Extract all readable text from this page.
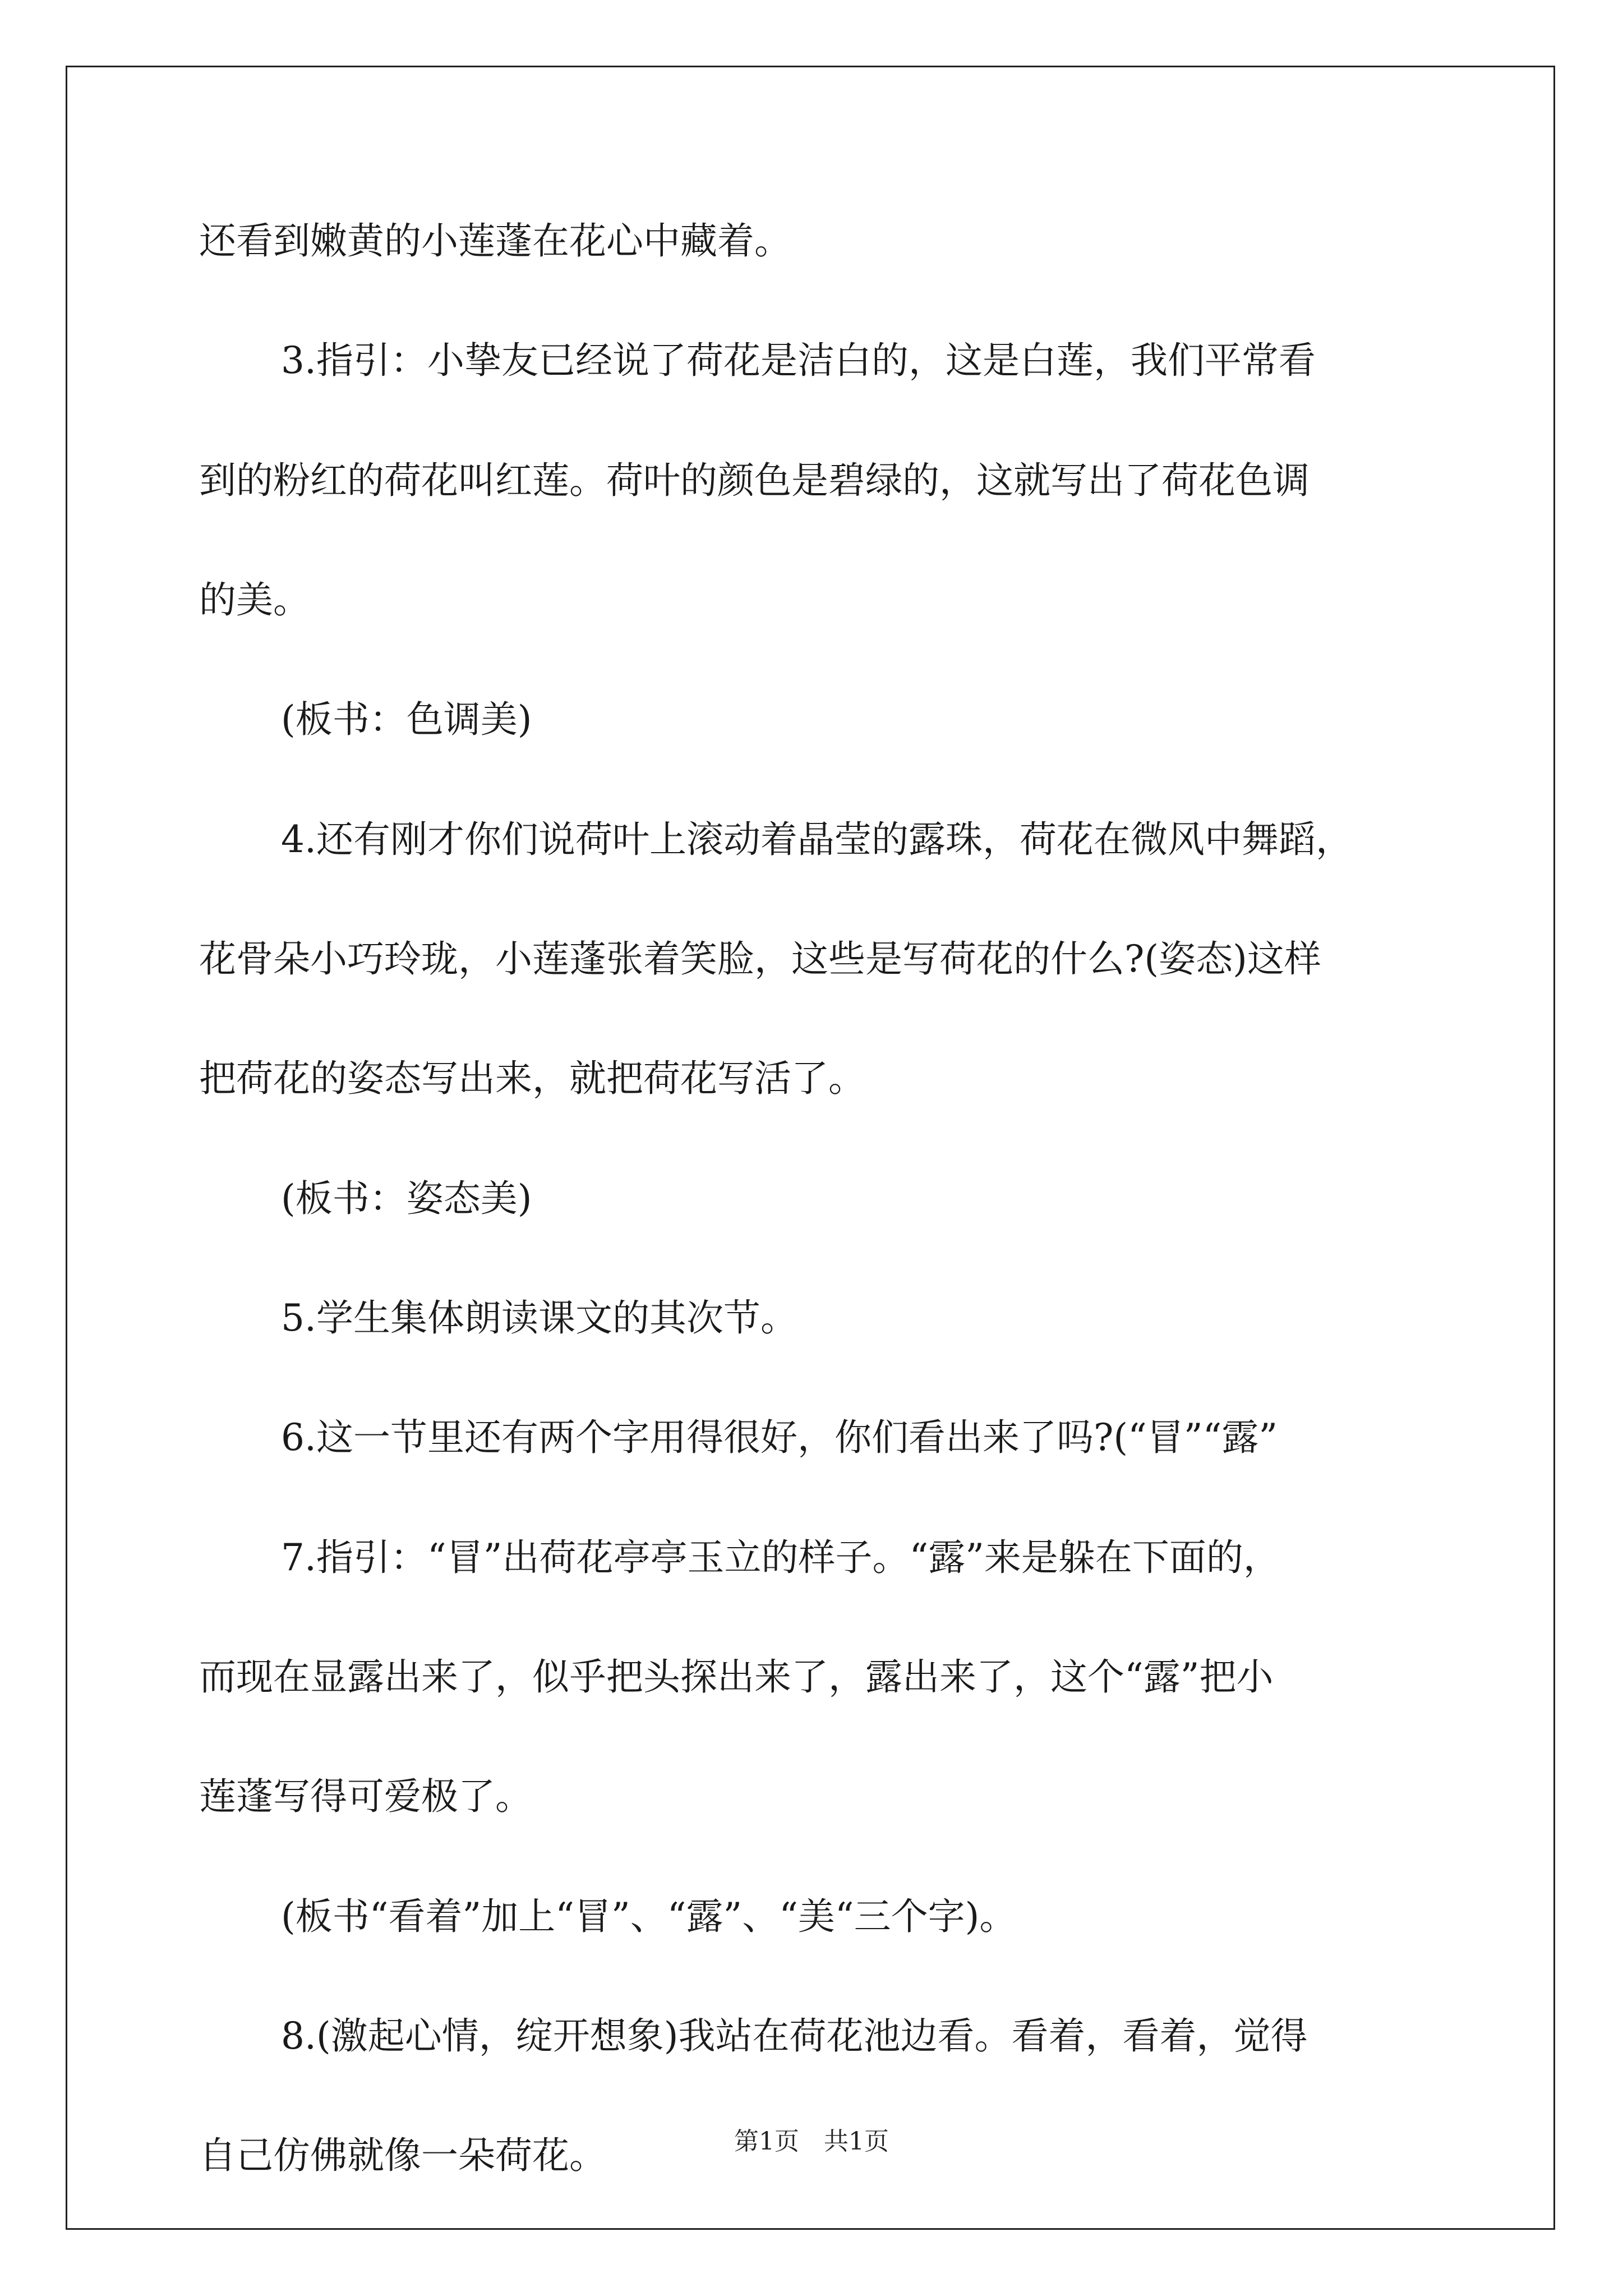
还看到嫩黄的小莲蓬在花心中藏着。
3.指引：小挚友已经说了荷花是洁白的，这是白莲，我们平常看
到的粉红的荷花叫红莲。荷叶的颜色是碧绿的，这就写出了荷花色调
的美。
(板书：色调美)
4.还有刚才你们说荷叶上滚动着晶莹的露珠，荷花在微风中舞蹈，
花骨朵小巧玲珑，小莲蓬张着笑脸，这些是写荷花的什么?(姿态)这样
把荷花的姿态写出来，就把荷花写活了。
(板书：姿态美)
5.学生集体朗读课文的其次节。
6.这一节里还有两个字用得很好，你们看出来了吗?(“冒”“露”
7.指引：“冒”出荷花亭亭玉立的样子。“露”来是躲在下面的，
而现在显露出来了，似乎把头探出来了，露出来了，这个“露”把小
莲蓬写得可爱极了。
(板书“看着”加上“冒”、“露”、“美“三个字)。
8.(激起心情，绽开想象)我站在荷花池边看。看着，看着，觉得
自己仿佛就像一朵荷花。	第1页　共1页
